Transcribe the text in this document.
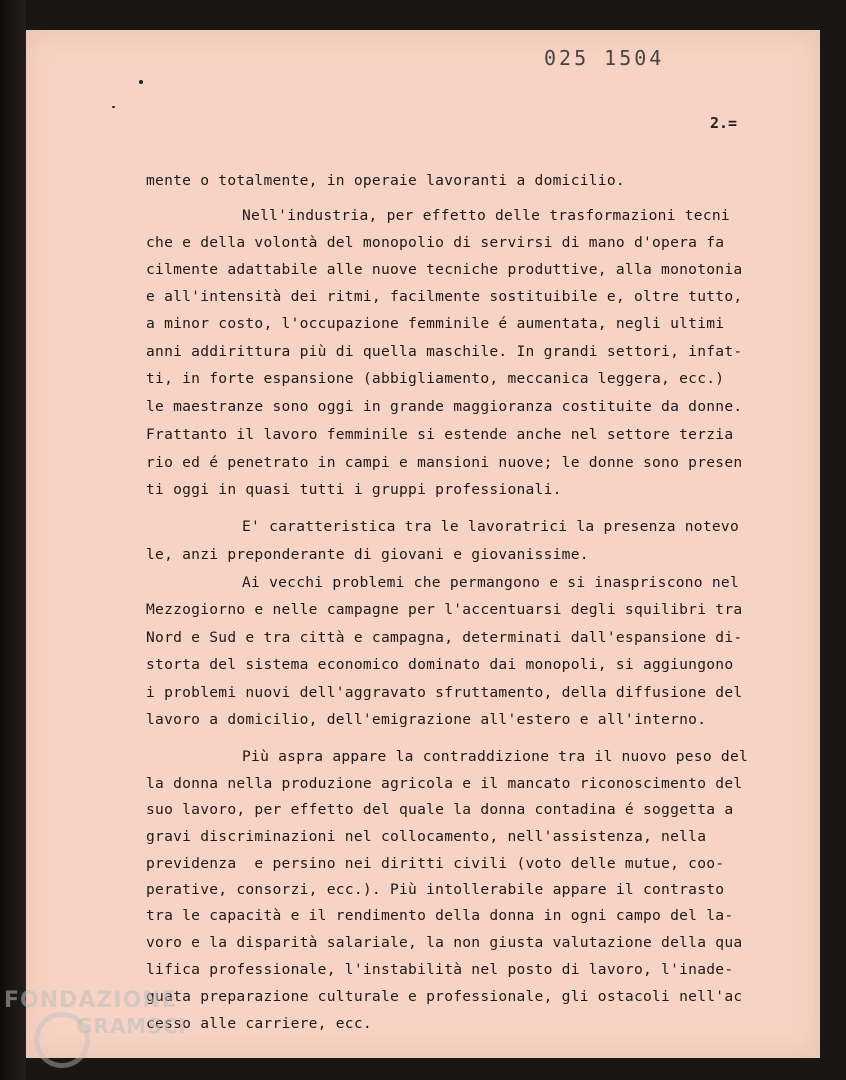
025 1504
2.=
mente o totalmente, in operaie lavoranti a domicilio.
Nell'industria, per effetto delle trasformazioni tecni
che e della volontà del monopolio di servirsi di mano d'opera fa
cilmente adattabile alle nuove tecniche produttive, alla monotonia
e all'intensità dei ritmi, facilmente sostituibile e, oltre tutto,
a minor costo, l'occupazione femminile é aumentata, negli ultimi
anni addirittura più di quella maschile. In grandi settori, infat-
ti, in forte espansione (abbigliamento, meccanica leggera, ecc.)
le maestranze sono oggi in grande maggioranza costituite da donne.
Frattanto il lavoro femminile si estende anche nel settore terzia
rio ed é penetrato in campi e mansioni nuove; le donne sono presen
ti oggi in quasi tutti i gruppi professionali.
E' caratteristica tra le lavoratrici la presenza notevo
le, anzi preponderante di giovani e giovanissime.
Ai vecchi problemi che permangono e si inaspriscono nel
Mezzogiorno e nelle campagne per l'accentuarsi degli squilibri tra
Nord e Sud e tra città e campagna, determinati dall'espansione di-
storta del sistema economico dominato dai monopoli, si aggiungono
i problemi nuovi dell'aggravato sfruttamento, della diffusione del
lavoro a domicilio, dell'emigrazione all'estero e all'interno.
Più aspra appare la contraddizione tra il nuovo peso del
la donna nella produzione agricola e il mancato riconoscimento del
suo lavoro, per effetto del quale la donna contadina é soggetta a
gravi discriminazioni nel collocamento, nell'assistenza, nella
previdenza  e persino nei diritti civili (voto delle mutue, coo-
perative, consorzi, ecc.). Più intollerabile appare il contrasto
tra le capacità e il rendimento della donna in ogni campo del la-
voro e la disparità salariale, la non giusta valutazione della qua
lifica professionale, l'instabilità nel posto di lavoro, l'inade-
guata preparazione culturale e professionale, gli ostacoli nell'ac
cesso alle carriere, ecc.
FONDAZIONE
GRAMSCI
